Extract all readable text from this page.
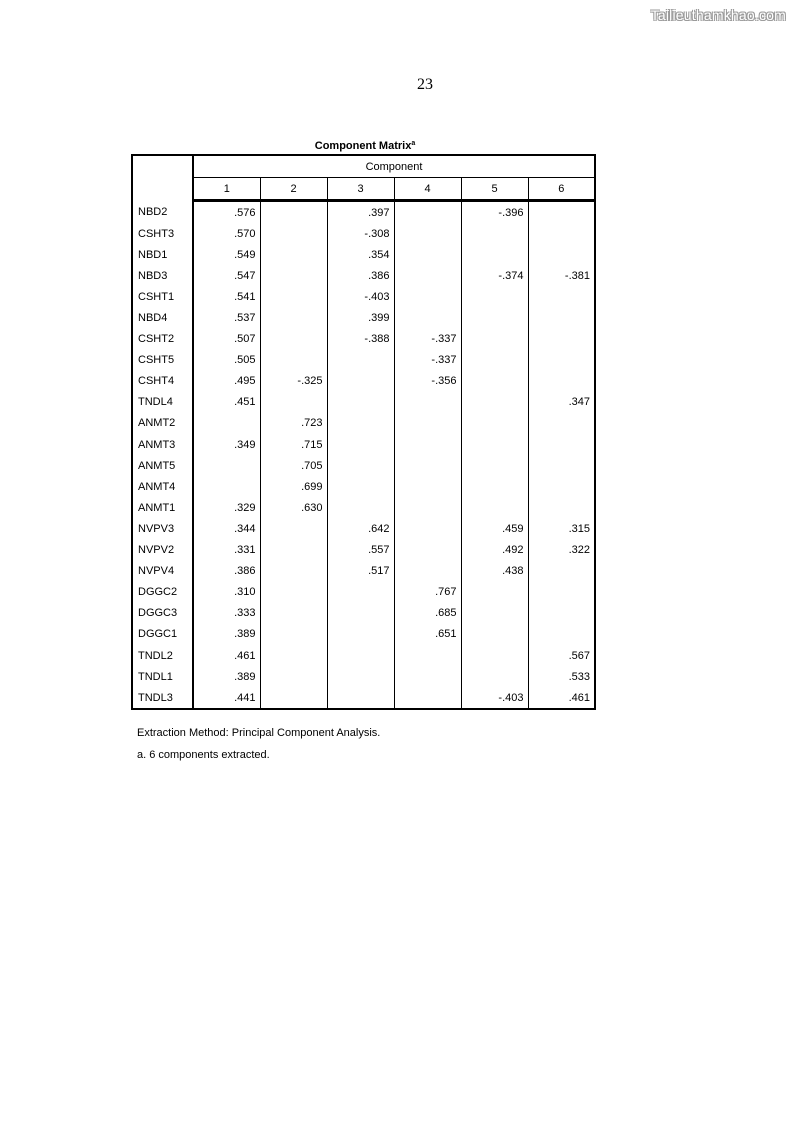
Tailieuthamkhao.com
23
Component Matrix$^a$
	Component					
	1	2	3	4	5	6
NBD2	.576		.397		-.396	
CSHT3	.570		-.308			
NBD1	.549		.354			
NBD3	.547		.386		-.374	-.381
CSHT1	.541		-.403			
NBD4	.537		.399			
CSHT2	.507		-.388	-.337		
CSHT5	.505			-.337		
CSHT4	.495	-.325		-.356		
TNDL4	.451					.347
ANMT2		.723				
ANMT3	.349	.715				
ANMT5		.705				
ANMT4		.699				
ANMT1	.329	.630				
NVPV3	.344		.642		.459	.315
NVPV2	.331		.557		.492	.322
NVPV4	.386		.517		.438	
DGGC2	.310			.767		
DGGC3	.333			.685		
DGGC1	.389			.651		
TNDL2	.461					.567
TNDL1	.389					.533
TNDL3	.441				-.403	.461
Extraction Method: Principal Component Analysis.
a. 6 components extracted.
